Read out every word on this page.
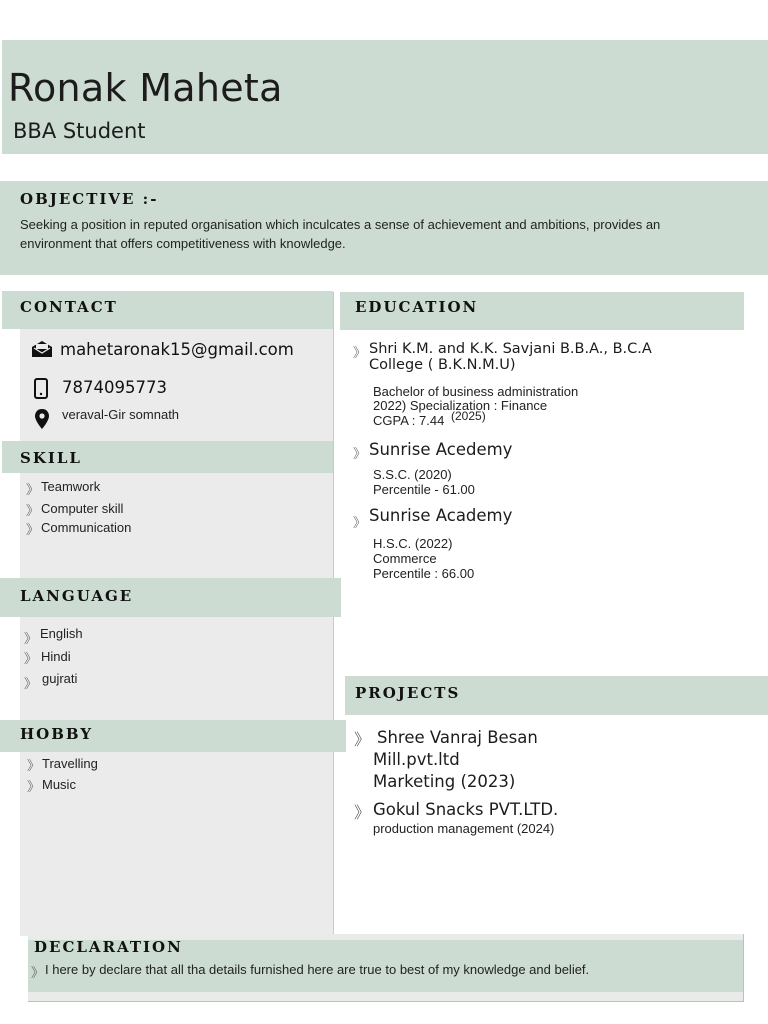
Ronak Maheta
BBA Student
OBJECTIVE :-
Seeking a position in reputed organisation which inculcates a sense of achievement and ambitions, provides an
environment that offers competitiveness with knowledge.
CONTACT
mahetaronak15@gmail.com
7874095773
veraval-Gir somnath
SKILL
》 Teamwork
》 Computer skill
》 Communication
LANGUAGE
》 English
》 Hindi
》 gujrati
HOBBY
》 Travelling
》 Music
EDUCATION
》 Shri K.M. and K.K. Savjani B.B.A., B.C.A
College ( B.K.N.M.U)
Bachelor of business administration
2022) Specialization : Finance
CGPA : 7.44 (2025)
》 Sunrise Acedemy
S.S.C. (2020)
Percentile - 61.00
》 Sunrise Academy
H.S.C. (2022)
Commerce
Percentile : 66.00
PROJECTS
》 Shree Vanraj Besan
Mill.pvt.ltd
Marketing (2023)
》 Gokul Snacks PVT.LTD.
production management (2024)
DECLARATION
》 I here by declare that all tha details furnished here are true to best of my knowledge and belief.
